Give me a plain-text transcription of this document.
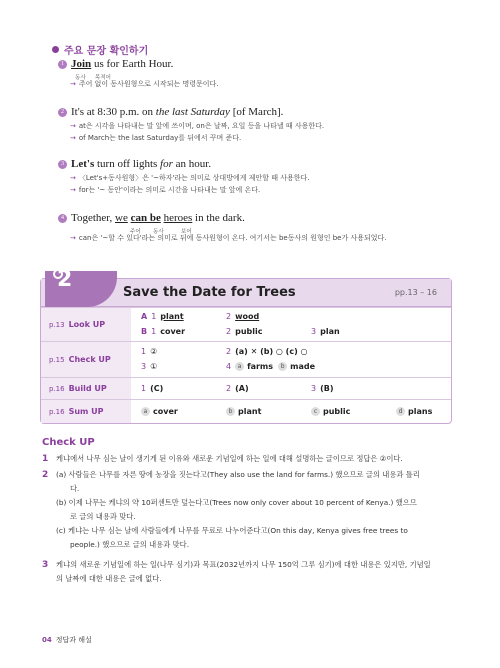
주요 문장 확인하기
1 Join us for Earth Hour.
동사 목적어
→ 주어 없이 동사원형으로 시작되는 명령문이다.
2 It's at 8:30 p.m. on the last Saturday [of March].
→ at은 시각을 나타내는 말 앞에 쓰이며, on은 날짜, 요일 등을 나타낼 때 사용한다.
→ of March는 the last Saturday를 뒤에서 꾸며 준다.
3 Let's turn off lights for an hour.
→ 〈Let's+동사원형〉은 '~하자'라는 의미로 상대방에게 제안할 때 사용한다.
→ for는 '~ 동안'이라는 의미로 시간을 나타내는 말 앞에 온다.
4 Together, we can be heroes in the dark.
주어 동사	보어
→ can은 '~할 수 있다'라는 의미로 뒤에 동사원형이 온다. 여기서는 be동사의 원형인 be가 사용되었다.
2
Save the Date for Trees	pp.13 – 16
p.13 Look UP
A 1 plant	2 wood
B 1 cover	2 public	3 plan
p.15 Check UP
1 ②	2 (a) ✕ (b) ○ (c) ○
3 ①	4 a farms b made
p.16 Build UP	1 (C)	2 (A)	3 (B)
p.16 Sum UP	a cover	b plant	c public	d plans
Check UP
1 케냐에서 나무 심는 날이 생기게 된 이유와 새로운 기념일에 하는 일에 대해 설명하는 글이므로 정답은 ②이다.
2 (a) 사람들은 나무를 자른 땅에 농장을 짓는다고(They also use the land for farms.) 했으므로 글의 내용과 틀리
다.
(b) 이제 나무는 케냐의 약 10퍼센트만 덮는다고(Trees now only cover about 10 percent of Kenya.) 했으므
로 글의 내용과 맞다.
(c) 케냐는 나무 심는 날에 사람들에게 나무를 무료로 나누어준다고(On this day, Kenya gives free trees to
people.) 했으므로 글의 내용과 맞다.
3 케냐의 새로운 기념일에 하는 일(나무 심기)과 목표(2032년까지 나무 150억 그루 심기)에 대한 내용은 있지만, 기념일
의 날짜에 대한 내용은 글에 없다.
04 정답과 해설
